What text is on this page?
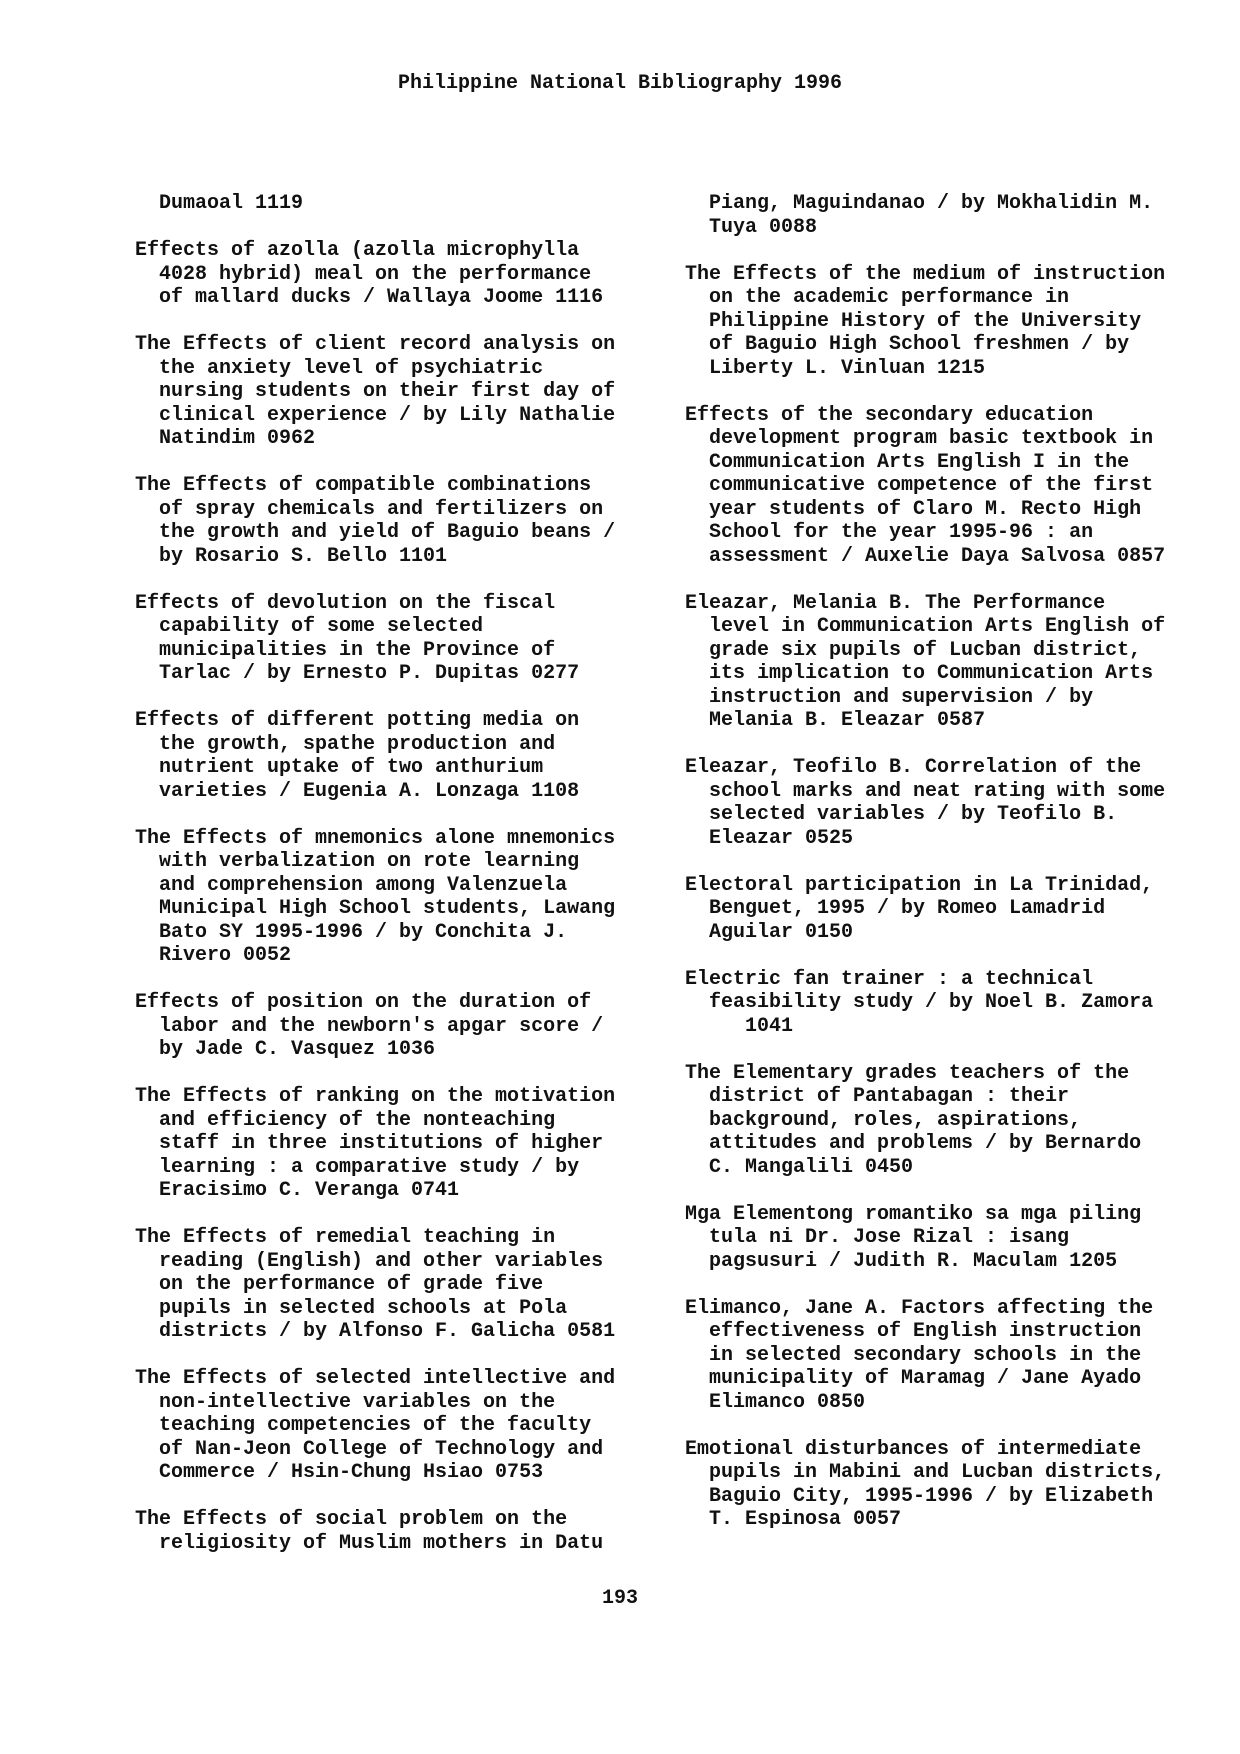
Philippine National Bibliography 1996
Dumaoal 1119
Effects of azolla (azolla microphylla
4028 hybrid) meal on the performance
of mallard ducks / Wallaya Joome 1116
The Effects of client record analysis on
the anxiety level of psychiatric
nursing students on their first day of
clinical experience / by Lily Nathalie
Natindim 0962
The Effects of compatible combinations
of spray chemicals and fertilizers on
the growth and yield of Baguio beans /
by Rosario S. Bello 1101
Effects of devolution on the fiscal
capability of some selected
municipalities in the Province of
Tarlac / by Ernesto P. Dupitas 0277
Effects of different potting media on
the growth, spathe production and
nutrient uptake of two anthurium
varieties / Eugenia A. Lonzaga 1108
The Effects of mnemonics alone mnemonics
with verbalization on rote learning
and comprehension among Valenzuela
Municipal High School students, Lawang
Bato SY 1995-1996 / by Conchita J.
Rivero 0052
Effects of position on the duration of
labor and the newborn's apgar score /
by Jade C. Vasquez 1036
The Effects of ranking on the motivation
and efficiency of the nonteaching
staff in three institutions of higher
learning : a comparative study / by
Eracisimo C. Veranga 0741
The Effects of remedial teaching in
reading (English) and other variables
on the performance of grade five
pupils in selected schools at Pola
districts / by Alfonso F. Galicha 0581
The Effects of selected intellective and
non-intellective variables on the
teaching competencies of the faculty
of Nan-Jeon College of Technology and
Commerce / Hsin-Chung Hsiao 0753
The Effects of social problem on the
religiosity of Muslim mothers in Datu
Piang, Maguindanao / by Mokhalidin M.
Tuya 0088
The Effects of the medium of instruction
on the academic performance in
Philippine History of the University
of Baguio High School freshmen / by
Liberty L. Vinluan 1215
Effects of the secondary education
development program basic textbook in
Communication Arts English I in the
communicative competence of the first
year students of Claro M. Recto High
School for the year 1995-96 : an
assessment / Auxelie Daya Salvosa 0857
Eleazar, Melania B. The Performance
level in Communication Arts English of
grade six pupils of Lucban district,
its implication to Communication Arts
instruction and supervision / by
Melania B. Eleazar 0587
Eleazar, Teofilo B. Correlation of the
school marks and neat rating with some
selected variables / by Teofilo B.
Eleazar 0525
Electoral participation in La Trinidad,
Benguet, 1995 / by Romeo Lamadrid
Aguilar 0150
Electric fan trainer : a technical
feasibility study / by Noel B. Zamora
1041
The Elementary grades teachers of the
district of Pantabagan : their
background, roles, aspirations,
attitudes and problems / by Bernardo
C. Mangalili 0450
Mga Elementong romantiko sa mga piling
tula ni Dr. Jose Rizal : isang
pagsusuri / Judith R. Maculam 1205
Elimanco, Jane A. Factors affecting the
effectiveness of English instruction
in selected secondary schools in the
municipality of Maramag / Jane Ayado
Elimanco 0850
Emotional disturbances of intermediate
pupils in Mabini and Lucban districts,
Baguio City, 1995-1996 / by Elizabeth
T. Espinosa 0057
193
